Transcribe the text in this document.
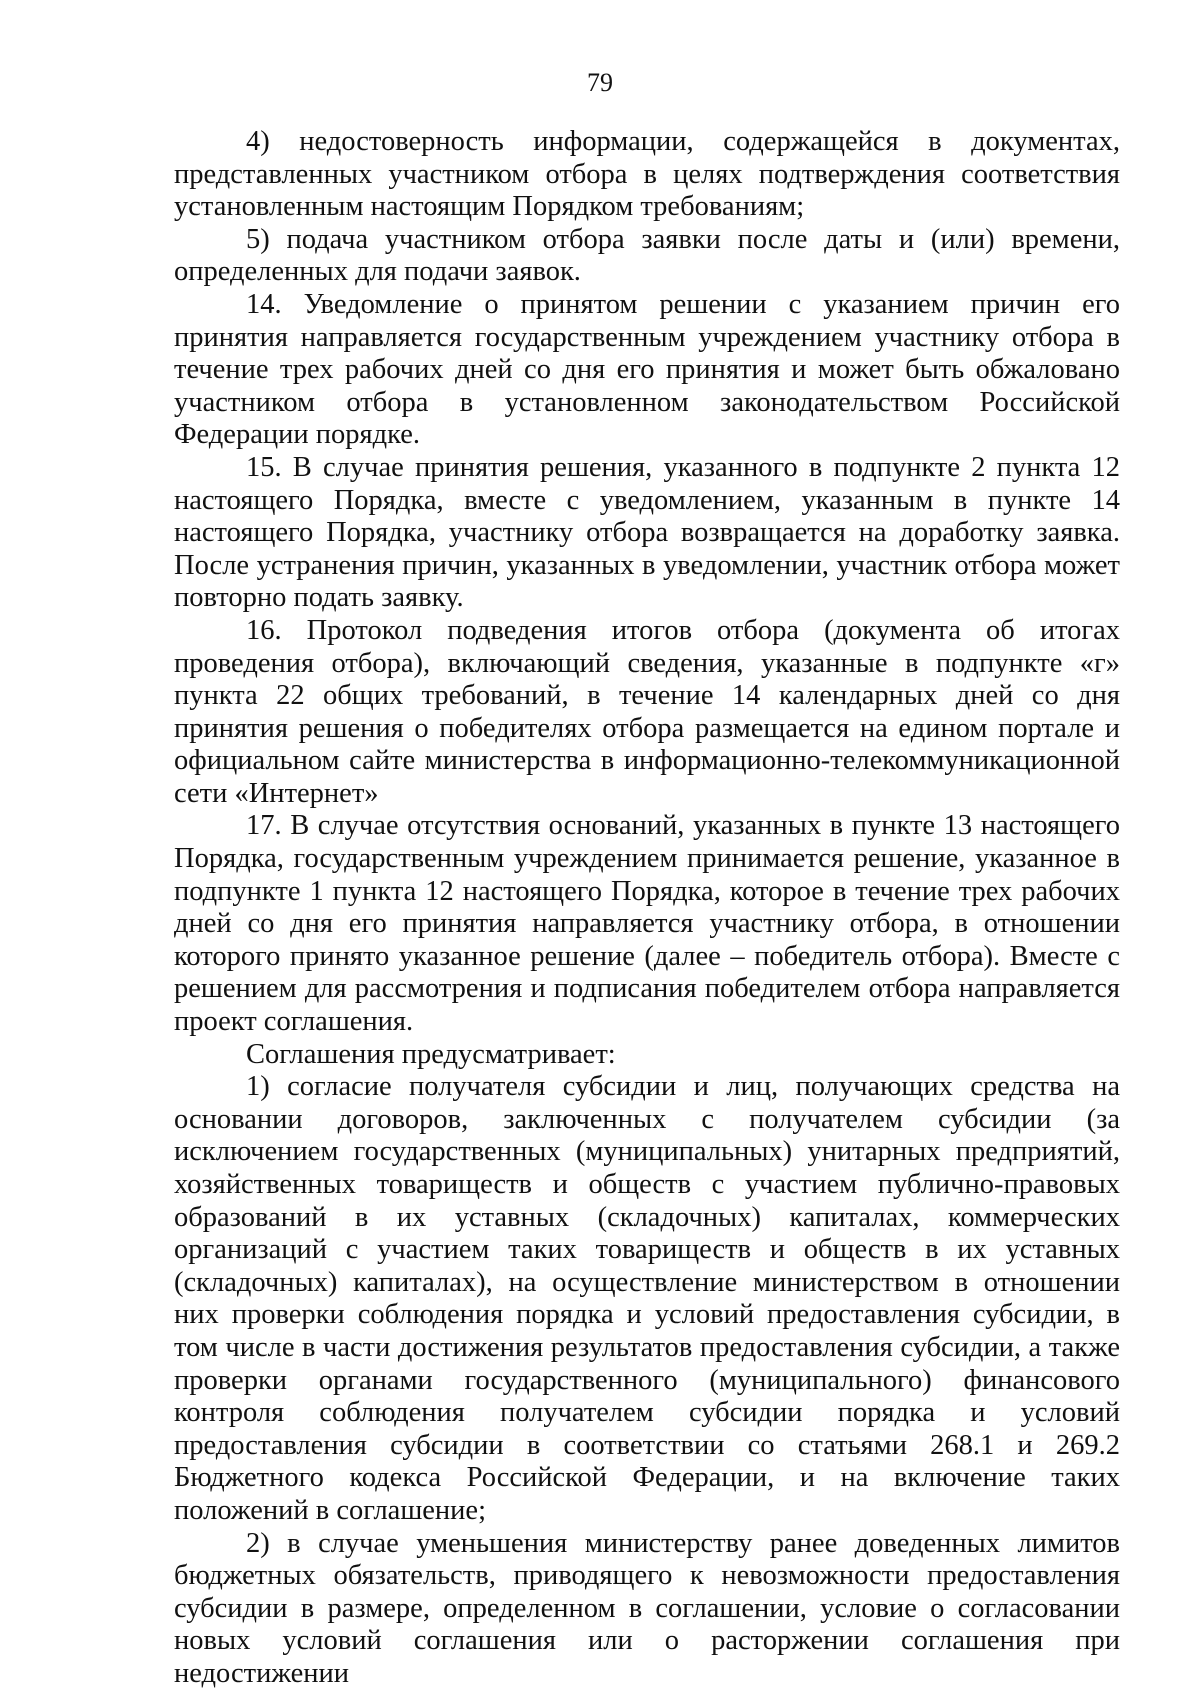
79

4) недостоверность информации, содержащейся в документах, представленных участником отбора в целях подтверждения соответствия установленным настоящим Порядком требованиям;

5) подача участником отбора заявки после даты и (или) времени, определенных для подачи заявок.

14. Уведомление о принятом решении с указанием причин его принятия направляется государственным учреждением участнику отбора в течение трех рабочих дней со дня его принятия и может быть обжаловано участником отбора в установленном законодательством Российской Федерации порядке.

15. В случае принятия решения, указанного в подпункте 2 пункта 12 настоящего Порядка, вместе с уведомлением, указанным в пункте 14 настоящего Порядка, участнику отбора возвращается на доработку заявка. После устранения причин, указанных в уведомлении, участник отбора может повторно подать заявку.

16. Протокол подведения итогов отбора (документа об итогах проведения отбора), включающий сведения, указанные в подпункте «г» пункта 22 общих требований, в течение 14 календарных дней со дня принятия решения о победителях отбора размещается на едином портале и официальном сайте министерства в информационно-телекоммуникационной сети «Интернет»

17. В случае отсутствия оснований, указанных в пункте 13 настоящего Порядка, государственным учреждением принимается решение, указанное в подпункте 1 пункта 12 настоящего Порядка, которое в течение трех рабочих дней со дня его принятия направляется участнику отбора, в отношении которого принято указанное решение (далее – победитель отбора). Вместе с решением для рассмотрения и подписания победителем отбора направляется проект соглашения.

Соглашения предусматривает:

1) согласие получателя субсидии и лиц, получающих средства на основании договоров, заключенных с получателем субсидии (за исключением государственных (муниципальных) унитарных предприятий, хозяйственных товариществ и обществ с участием публично-правовых образований в их уставных (складочных) капиталах, коммерческих организаций с участием таких товариществ и обществ в их уставных (складочных) капиталах), на осуществление министерством в отношении них проверки соблюдения порядка и условий предоставления субсидии, в том числе в части достижения результатов предоставления субсидии, а также проверки органами государственного (муниципального) финансового контроля соблюдения получателем субсидии порядка и условий предоставления субсидии в соответствии со статьями 268.1 и 269.2 Бюджетного кодекса Российской Федерации, и на включение таких положений в соглашение;

2) в случае уменьшения министерству ранее доведенных лимитов бюджетных обязательств, приводящего к невозможности предоставления субсидии в размере, определенном в соглашении, условие о согласовании новых условий соглашения или о расторжении соглашения при недостижении
